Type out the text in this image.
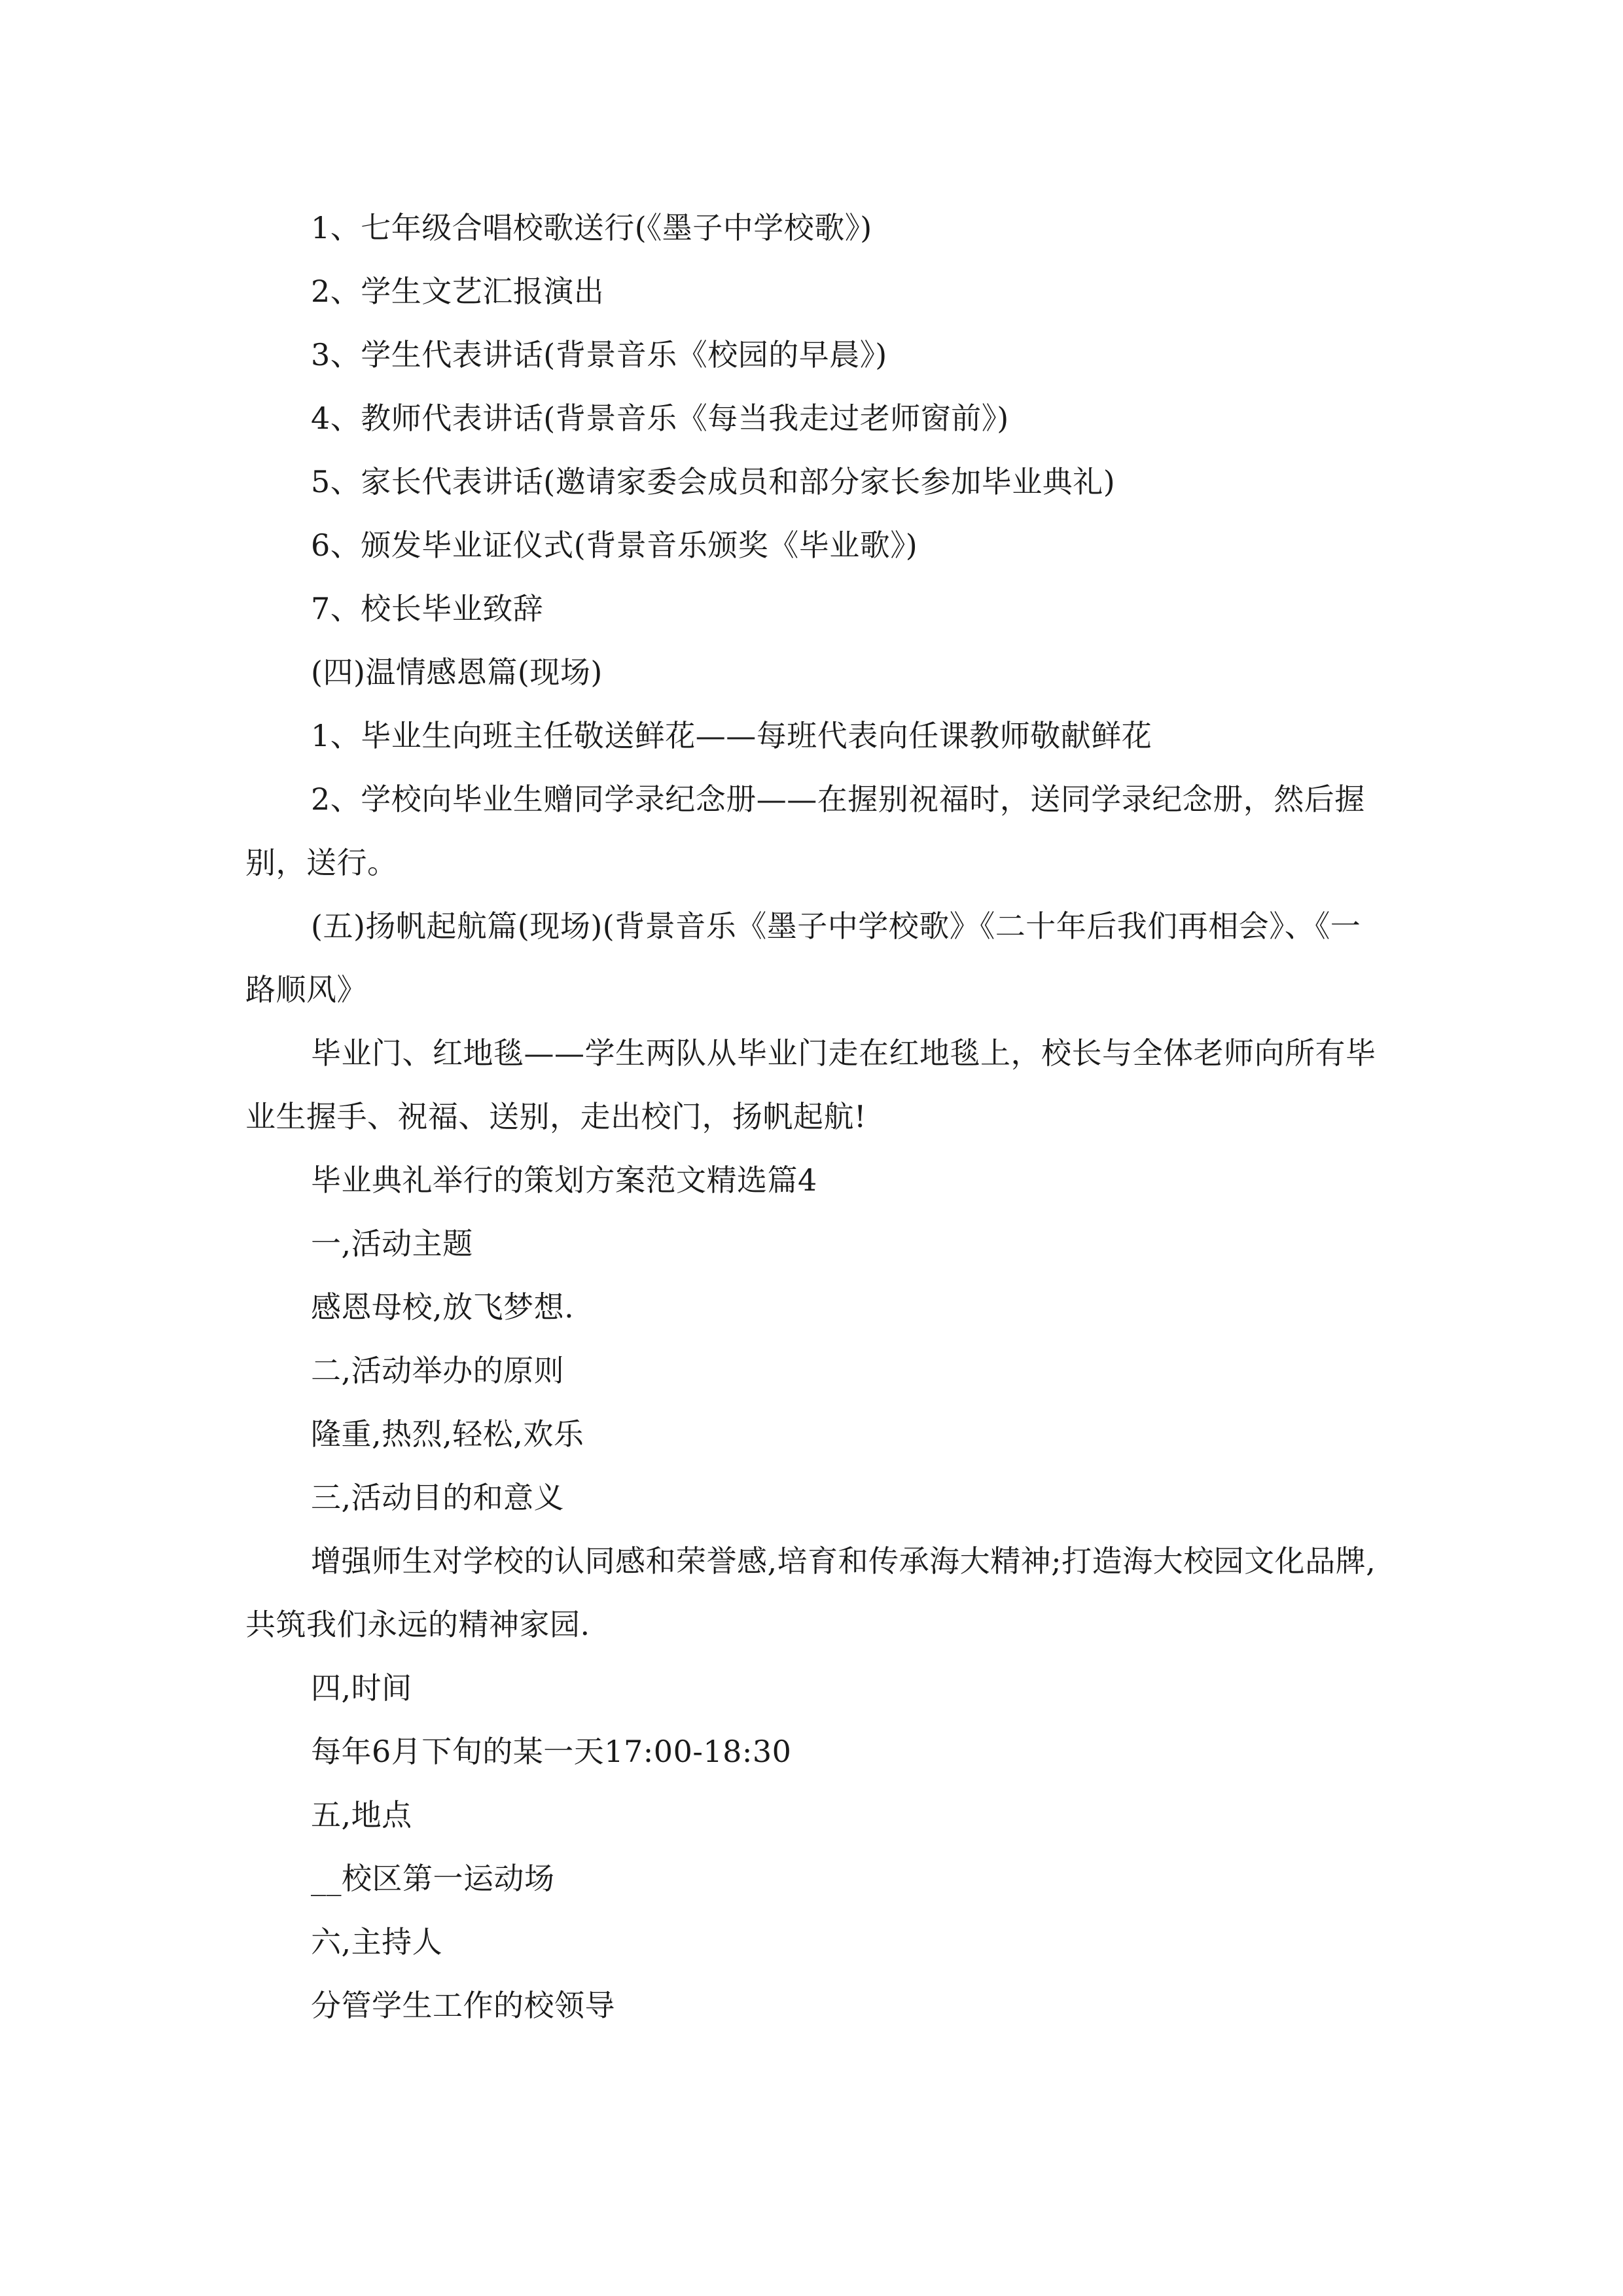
1、七年级合唱校歌送行(《墨子中学校歌》)

2、学生文艺汇报演出

3、学生代表讲话(背景音乐《校园的早晨》)

4、教师代表讲话(背景音乐《每当我走过老师窗前》)

5、家长代表讲话(邀请家委会成员和部分家长参加毕业典礼)

6、颁发毕业证仪式(背景音乐颁奖《毕业歌》)

7、校长毕业致辞

(四)温情感恩篇(现场)

1、毕业生向班主任敬送鲜花——每班代表向任课教师敬献鲜花

2、学校向毕业生赠同学录纪念册——在握别祝福时，送同学录纪念册，然后握别，送行。

(五)扬帆起航篇(现场)(背景音乐《墨子中学校歌》《二十年后我们再相会》、《一路顺风》

毕业门、红地毯——学生两队从毕业门走在红地毯上，校长与全体老师向所有毕业生握手、祝福、送别，走出校门，扬帆起航!

毕业典礼举行的策划方案范文精选篇4

一,活动主题

感恩母校,放飞梦想.

二,活动举办的原则

隆重,热烈,轻松,欢乐

三,活动目的和意义

增强师生对学校的认同感和荣誉感,培育和传承海大精神;打造海大校园文化品牌,共筑我们永远的精神家园.

四,时间

每年6月下旬的某一天17:00-18:30

五,地点

__校区第一运动场

六,主持人

分管学生工作的校领导
